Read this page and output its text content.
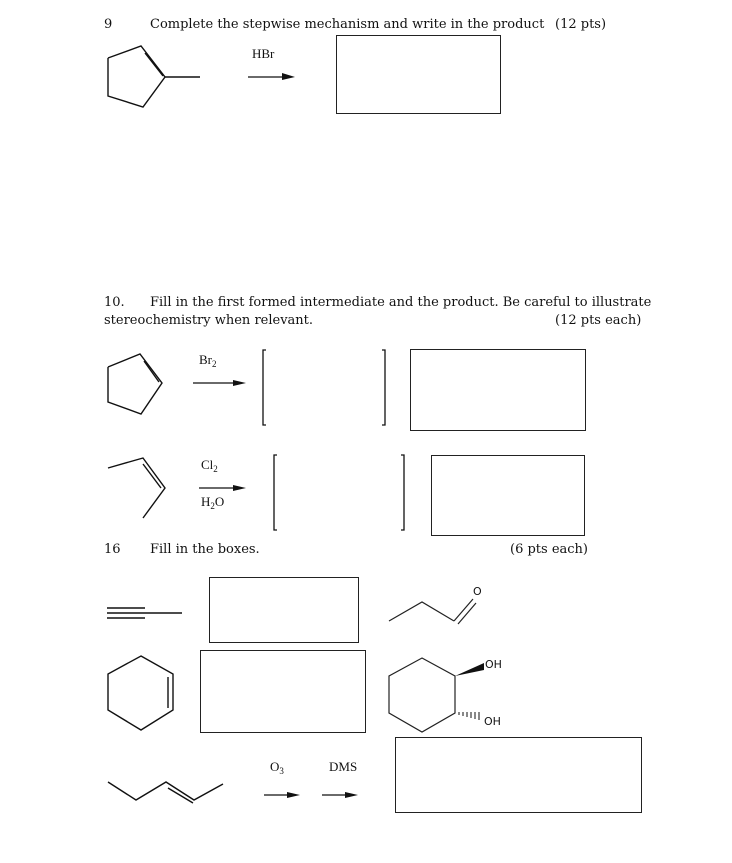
9	Complete the stepwise mechanism and write in the product (12 pts)
HBr
10. Fill in the first formed intermediate and the product. Be careful to illustrate
stereochemistry when relevant.	(12 pts each)
$Br_2$
$Cl_2$
$H_2O$
16 Fill in the boxes.	(6 pts each)
O
OH
OH
$O_3$	DMS
